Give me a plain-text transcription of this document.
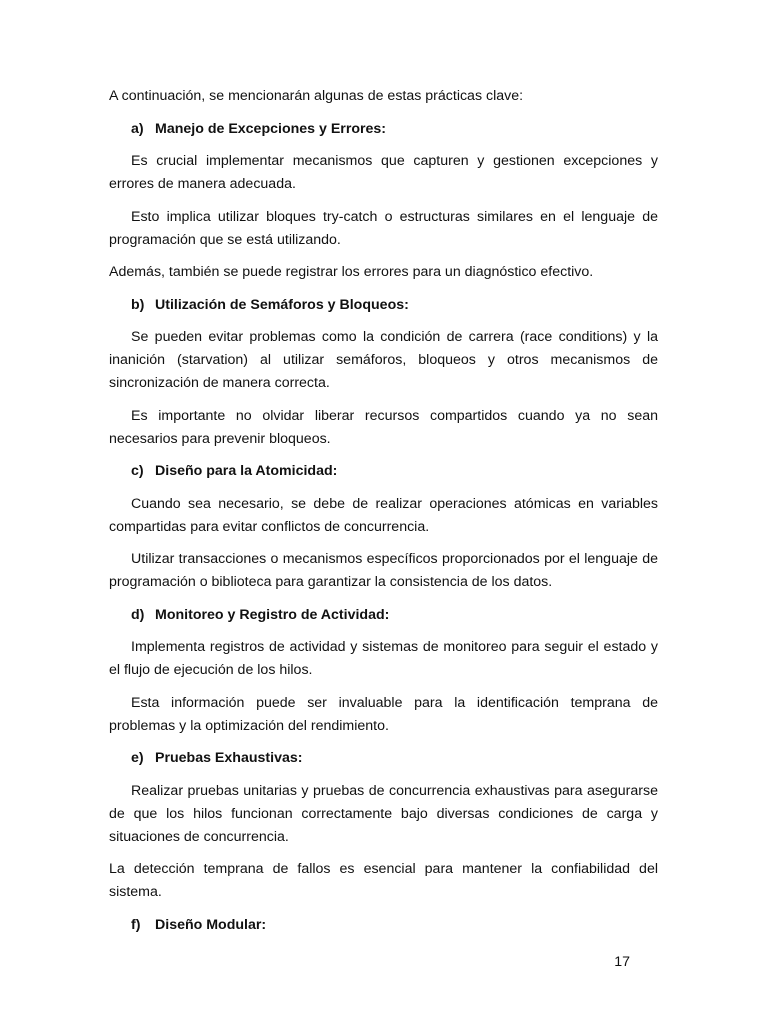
A continuación, se mencionarán algunas de estas prácticas clave:

a) Manejo de Excepciones y Errores:

Es crucial implementar mecanismos que capturen y gestionen excepciones y errores de manera adecuada.

Esto implica utilizar bloques try-catch o estructuras similares en el lenguaje de programación que se está utilizando.

Además, también se puede registrar los errores para un diagnóstico efectivo.

b) Utilización de Semáforos y Bloqueos:

Se pueden evitar problemas como la condición de carrera (race conditions) y la inanición (starvation) al utilizar semáforos, bloqueos y otros mecanismos de sincronización de manera correcta.

Es importante no olvidar liberar recursos compartidos cuando ya no sean necesarios para prevenir bloqueos.

c) Diseño para la Atomicidad:

Cuando sea necesario, se debe de realizar operaciones atómicas en variables compartidas para evitar conflictos de concurrencia.

Utilizar transacciones o mecanismos específicos proporcionados por el lenguaje de programación o biblioteca para garantizar la consistencia de los datos.

d) Monitoreo y Registro de Actividad:

Implementa registros de actividad y sistemas de monitoreo para seguir el estado y el flujo de ejecución de los hilos.

Esta información puede ser invaluable para la identificación temprana de problemas y la optimización del rendimiento.

e) Pruebas Exhaustivas:

Realizar pruebas unitarias y pruebas de concurrencia exhaustivas para asegurarse de que los hilos funcionan correctamente bajo diversas condiciones de carga y situaciones de concurrencia.

La detección temprana de fallos es esencial para mantener la confiabilidad del sistema.

f) Diseño Modular:
17
